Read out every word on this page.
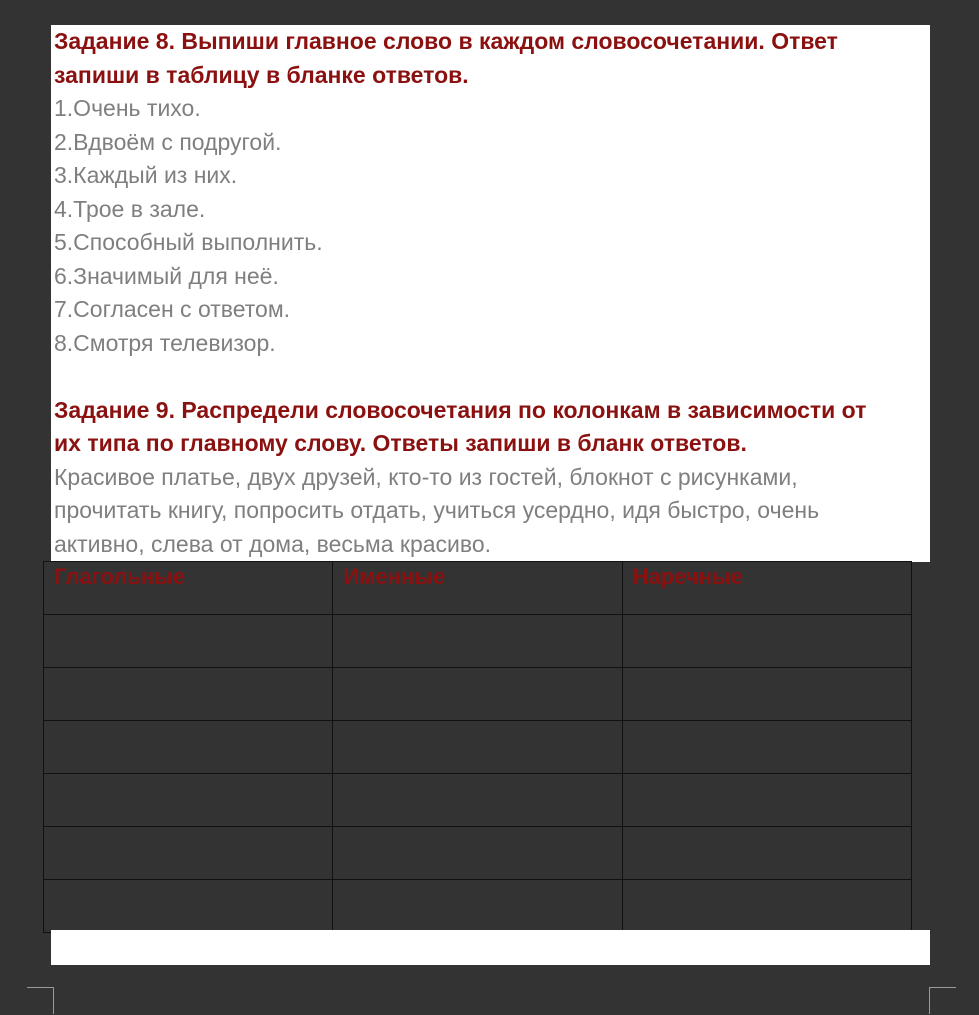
Задание 8. Выпиши главное слово в каждом словосочетании. Ответ

запиши в таблицу в бланке ответов.

1.Очень тихо.

2.Вдвоём с подругой.

3.Каждый из них.

4.Трое в зале.

5.Способный выполнить.

6.Значимый для неё.

7.Согласен с ответом.

8.Смотря телевизор.

Задание 9. Распредели словосочетания по колонкам в зависимости от

их типа по главному слову. Ответы запиши в бланк ответов.

Красивое платье, двух друзей, кто-то из гостей, блокнот с рисунками,

прочитать книгу, попросить отдать, учиться усердно, идя быстро, очень

активно, слева от дома, весьма красиво.

Глагольные	Именные	Наречные
